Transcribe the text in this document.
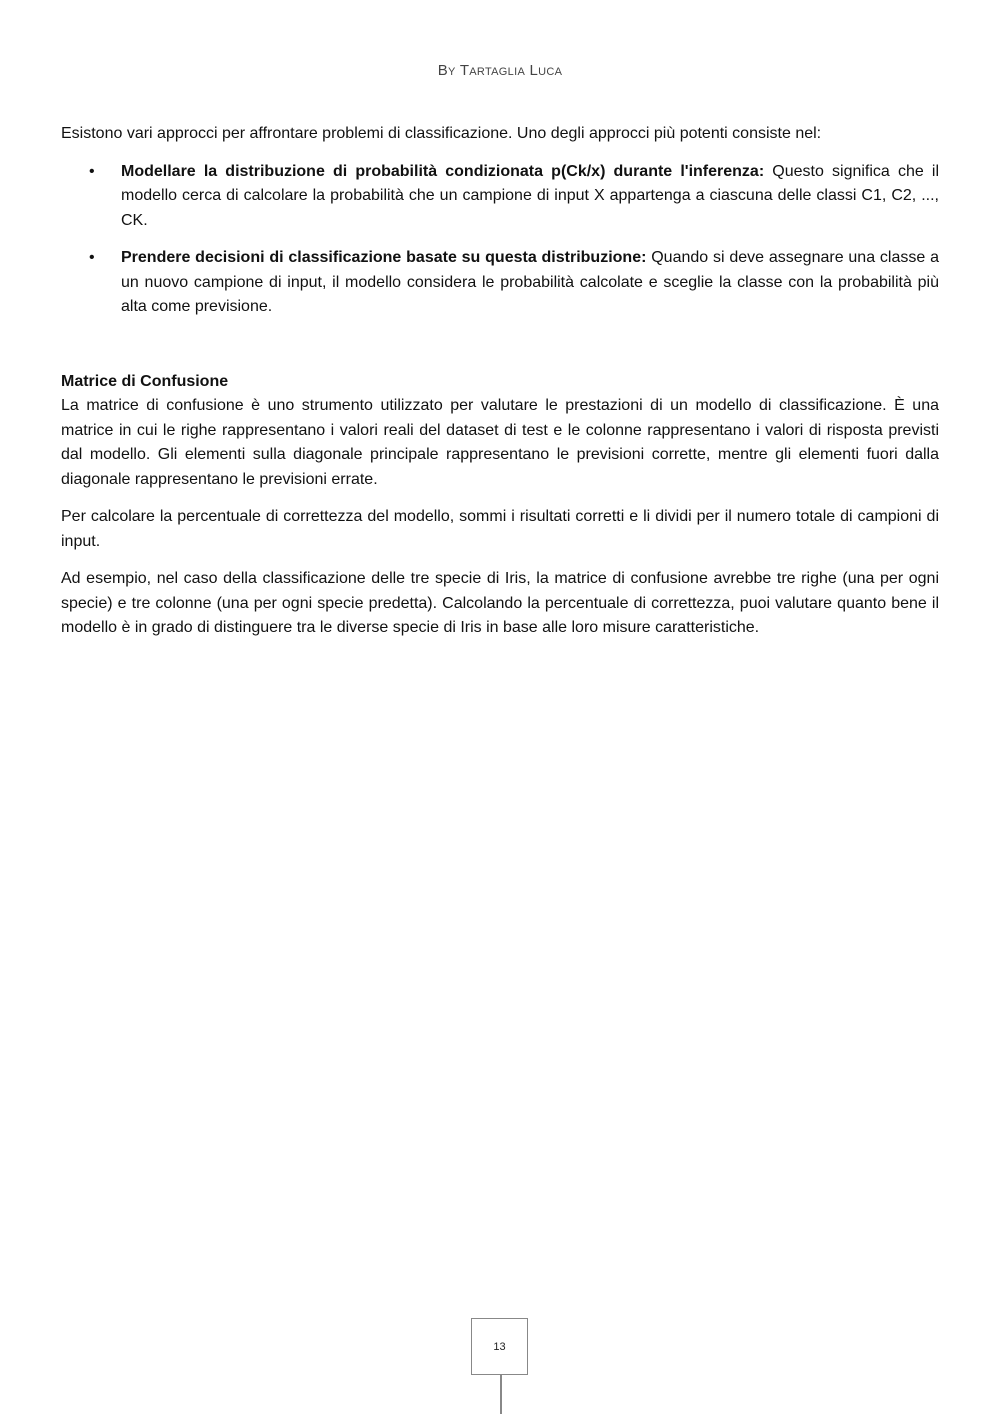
By Tartaglia Luca

Esistono vari approcci per affrontare problemi di classificazione. Uno degli approcci più potenti consiste nel:

• Modellare la distribuzione di probabilità condizionata p(Ck/x) durante l'inferenza: Questo significa che il modello cerca di calcolare la probabilità che un campione di input X appartenga a ciascuna delle classi C1, C2, ..., CK.
• Prendere decisioni di classificazione basate su questa distribuzione: Quando si deve assegnare una classe a un nuovo campione di input, il modello considera le probabilità calcolate e sceglie la classe con la probabilità più alta come previsione.

Matrice di Confusione

La matrice di confusione è uno strumento utilizzato per valutare le prestazioni di un modello di classificazione. È una matrice in cui le righe rappresentano i valori reali del dataset di test e le colonne rappresentano i valori di risposta previsti dal modello. Gli elementi sulla diagonale principale rappresentano le previsioni corrette, mentre gli elementi fuori dalla diagonale rappresentano le previsioni errate.

Per calcolare la percentuale di correttezza del modello, sommi i risultati corretti e li dividi per il numero totale di campioni di input.

Ad esempio, nel caso della classificazione delle tre specie di Iris, la matrice di confusione avrebbe tre righe (una per ogni specie) e tre colonne (una per ogni specie predetta). Calcolando la percentuale di correttezza, puoi valutare quanto bene il modello è in grado di distinguere tra le diverse specie di Iris in base alle loro misure caratteristiche.

13
